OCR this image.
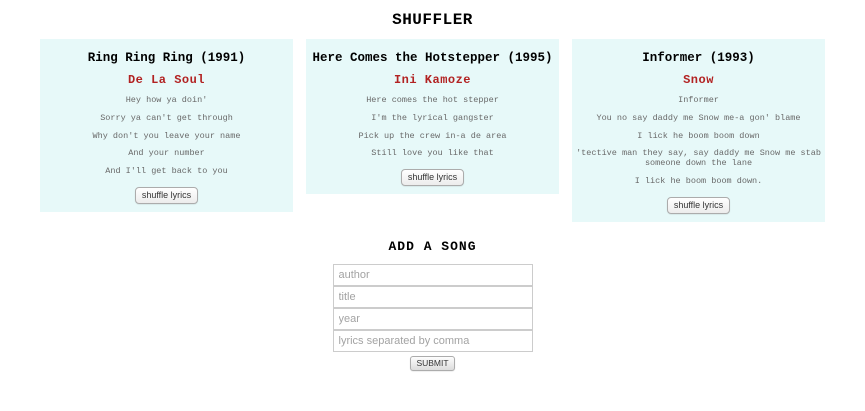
SHUFFLER
Ring Ring Ring (1991)
De La Soul

Hey how ya doin'

Sorry ya can't get through

Why don't you leave your name

And your number

And I'll get back to you

shuffle lyrics
Here Comes the Hotstepper (1995)
Ini Kamoze

Here comes the hot stepper

I'm the lyrical gangster

Pick up the crew in-a de area

Still love you like that

shuffle lyrics
Informer (1993)
Snow

Informer

You no say daddy me Snow me-a gon' blame

I lick he boom boom down

'tective man they say, say daddy me Snow me stab someone down the lane

I lick he boom boom down.

shuffle lyrics
ADD A SONG
author
title
year
lyrics separated by comma
SUBMIT
